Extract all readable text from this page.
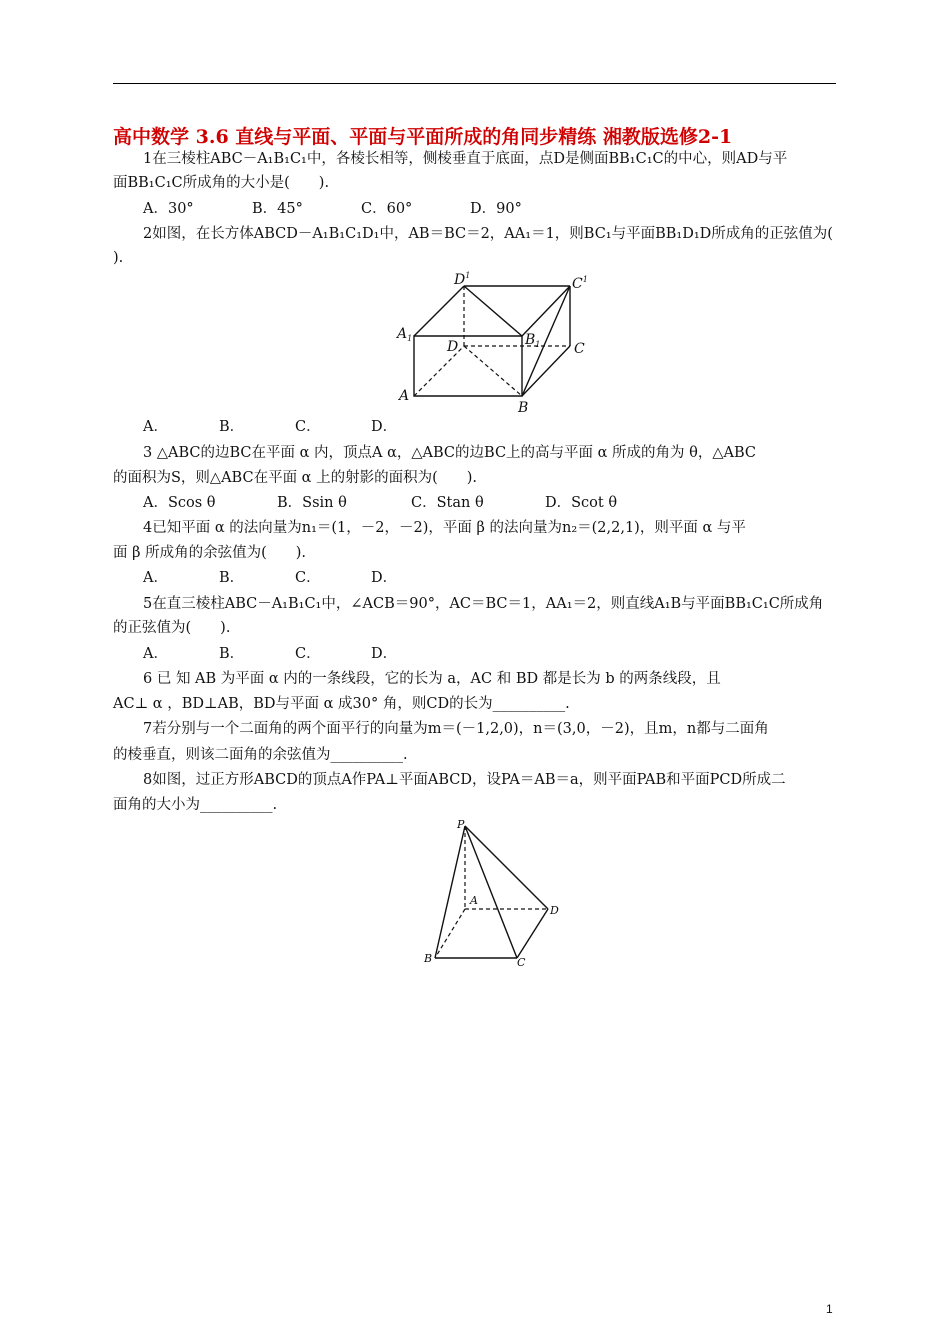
高中数学 3.6 直线与平面、平面与平面所成的角同步精练 湘教版选修2-1
1在三棱柱ABC－A₁B₁C₁中，各棱长相等，侧棱垂直于底面，点D是侧面BB₁C₁C的中心，则AD与平
面BB₁C₁C所成角的大小是(　　).
A．30°	B．45°	C．60°	D．90°
2如图，在长方体ABCD－A₁B₁C₁D₁中，AB＝BC＝2，AA₁＝1，则BC₁与平面BB₁D₁D所成角的正弦值为(
).
$D^1$
$C^1$
$A_1$	$B_1$
D	C
A
B
A．	B．	C．	D．
3 △ABC的边BC在平面 α 内，顶点A α，△ABC的边BC上的高与平面 α 所成的角为 θ，△ABC
的面积为S，则△ABC在平面 α 上的射影的面积为(　　).
A．Scos θ	B．Ssin θ	C．Stan θ	D．Scot θ
4已知平面 α 的法向量为n₁＝(1，－2，－2)，平面 β 的法向量为n₂＝(2,2,1)，则平面 α 与平
面 β 所成角的余弦值为(　　).
A．	B．	C．	D．
5在直三棱柱ABC－A₁B₁C₁中，∠ACB＝90°，AC＝BC＝1，AA₁＝2，则直线A₁B与平面BB₁C₁C所成角
的正弦值为(　　).
A．	B．	C．	D．
6 已 知 AB 为平面 α 内的一条线段，它的长为 a，AC 和 BD 都是长为 b 的两条线段，且
AC⊥ α ，BD⊥AB，BD与平面 α 成30° 角，则CD的长为__________.
7若分别与一个二面角的两个面平行的向量为m＝(－1,2,0)，n＝(3,0，－2)，且m，n都与二面角
的棱垂直，则该二面角的余弦值为__________.
8如图，过正方形ABCD的顶点A作PA⊥平面ABCD，设PA＝AB＝a，则平面PAB和平面PCD所成二
面角的大小为__________.
P
A
B	C
D
1
